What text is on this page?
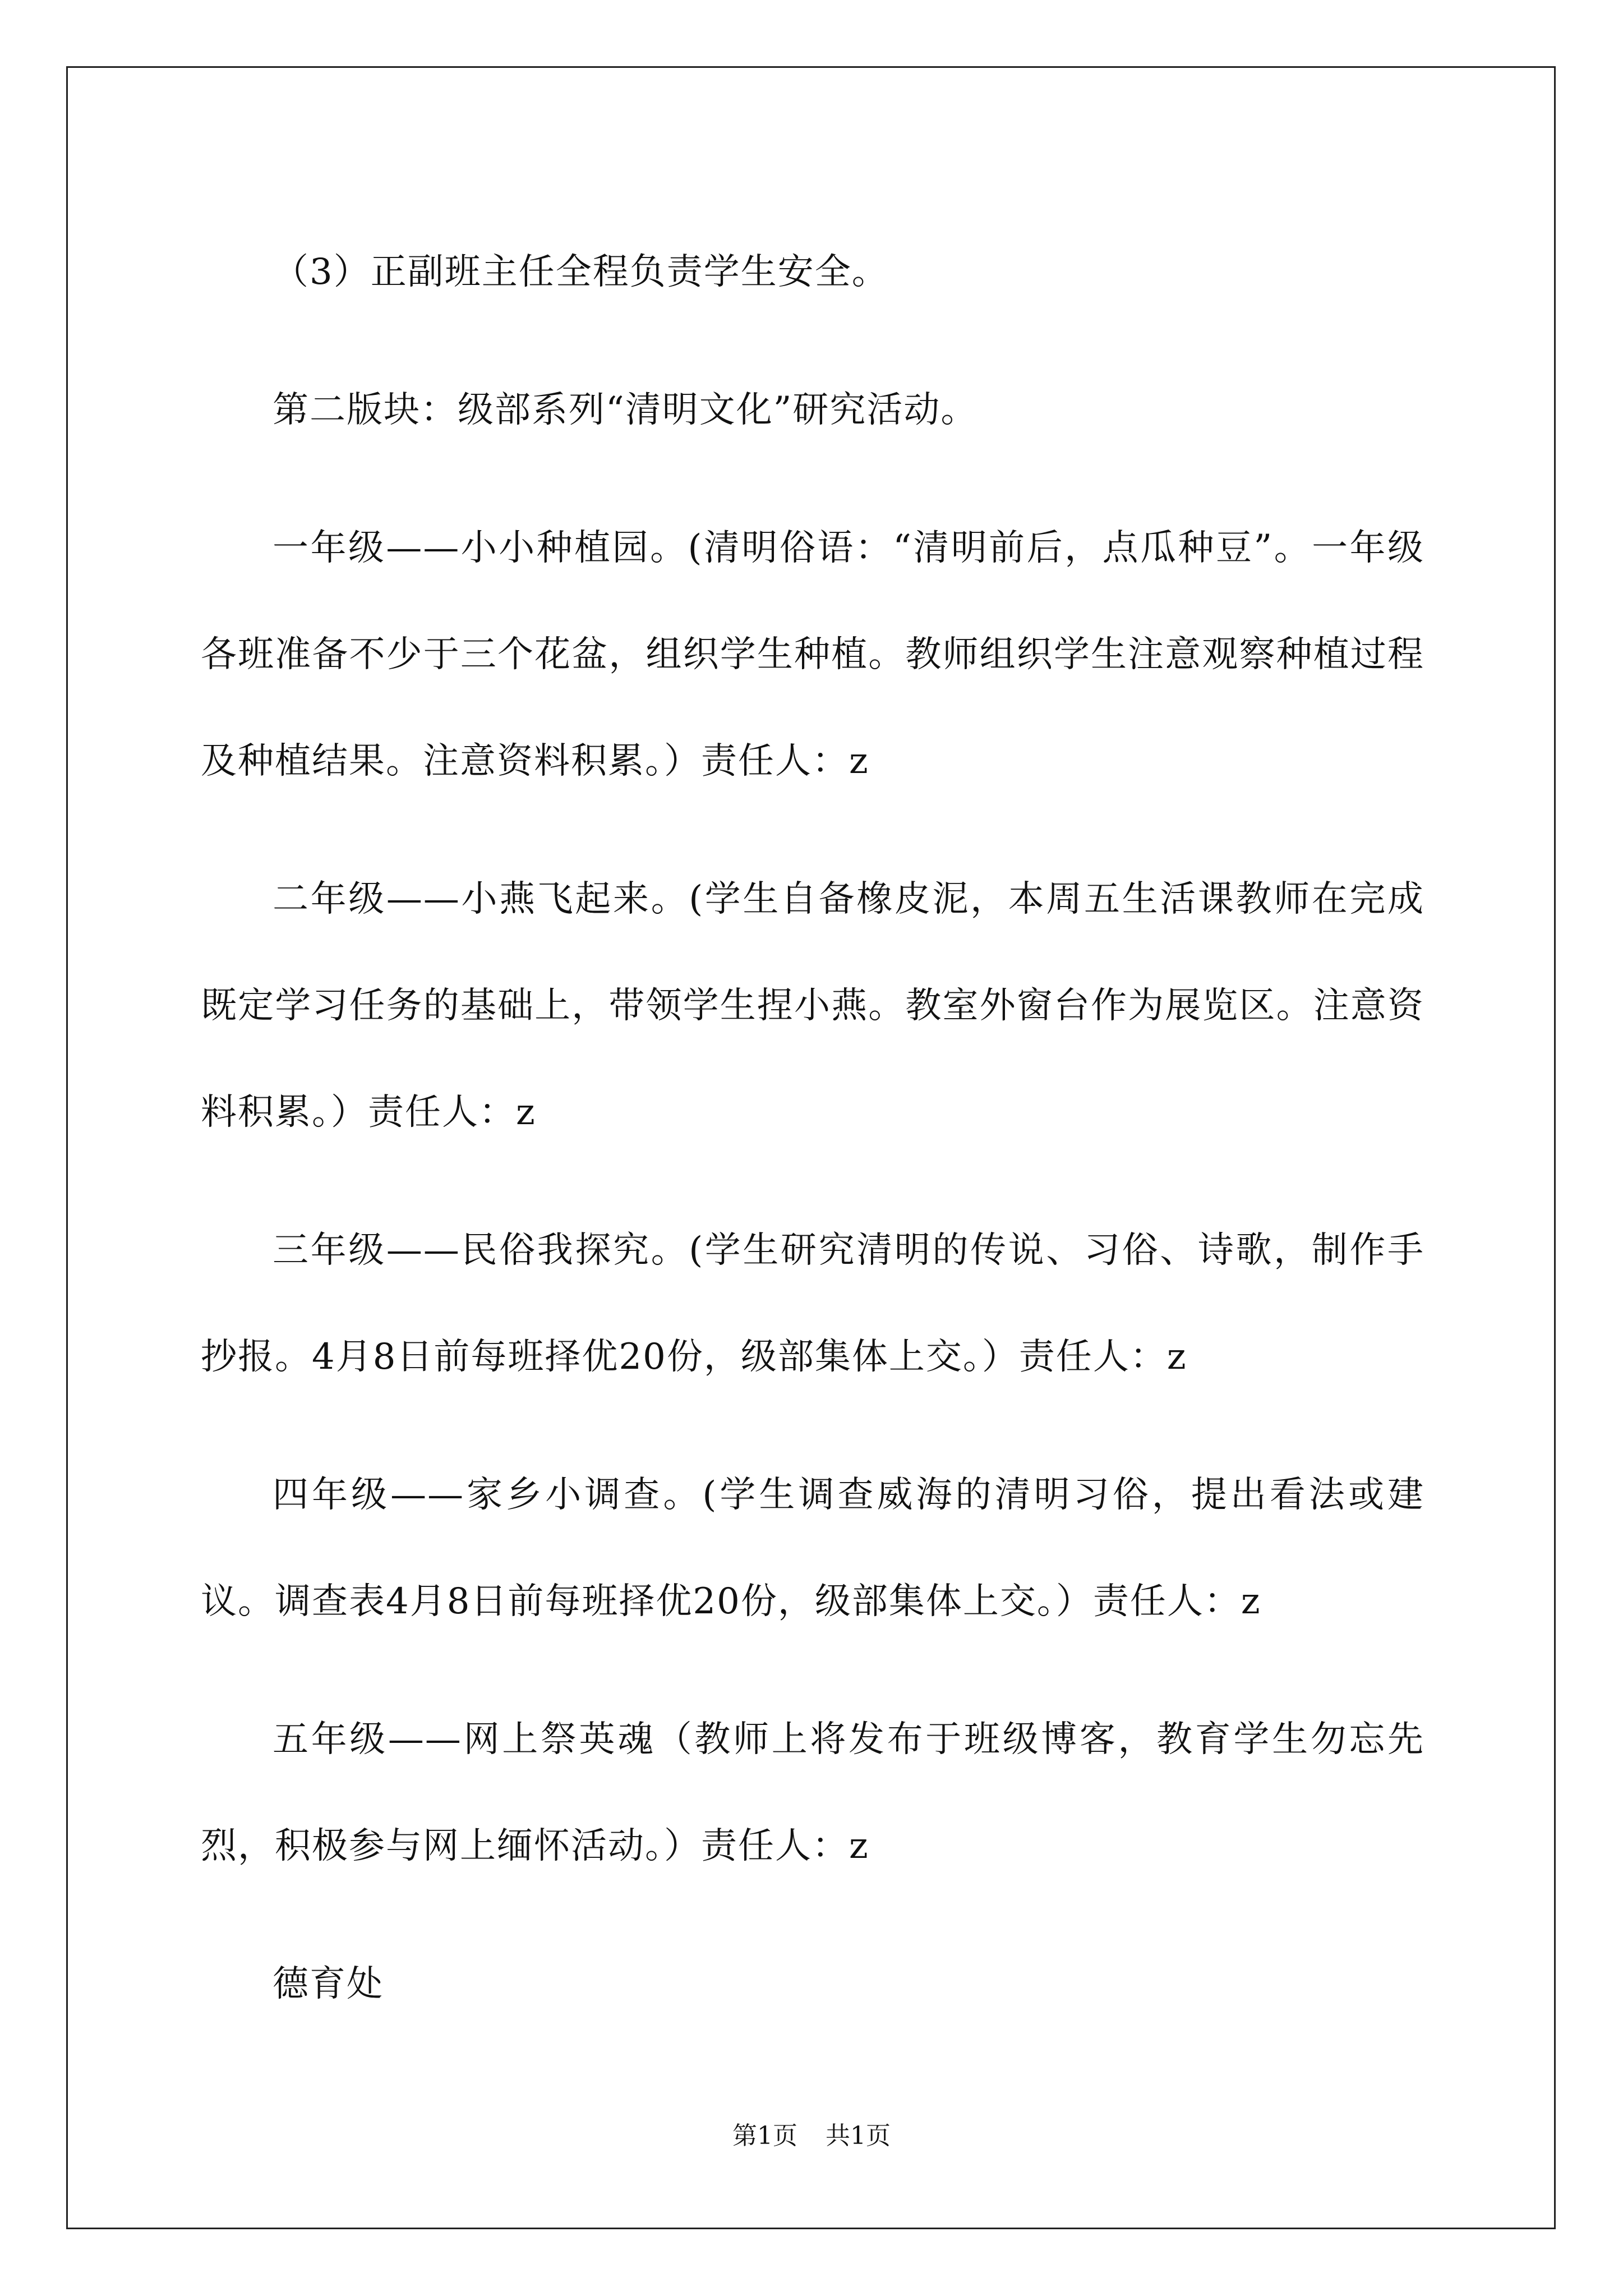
（3）正副班主任全程负责学生安全。

第二版块：级部系列“清明文化”研究活动。

一年级——小小种植园。(清明俗语：“清明前后，点瓜种豆”。一年级各班准备不少于三个花盆，组织学生种植。教师组织学生注意观察种植过程及种植结果。注意资料积累。）责任人：z

二年级——小燕飞起来。(学生自备橡皮泥，本周五生活课教师在完成既定学习任务的基础上，带领学生捏小燕。教室外窗台作为展览区。注意资料积累。）责任人：z

三年级——民俗我探究。(学生研究清明的传说、习俗、诗歌，制作手抄报。4月8日前每班择优20份，级部集体上交。）责任人：z

四年级——家乡小调查。(学生调查威海的清明习俗，提出看法或建议。调查表4月8日前每班择优20份，级部集体上交。）责任人：z

五年级——网上祭英魂（教师上将发布于班级博客，教育学生勿忘先烈，积极参与网上缅怀活动。）责任人：z

德育处

第1页 共1页
